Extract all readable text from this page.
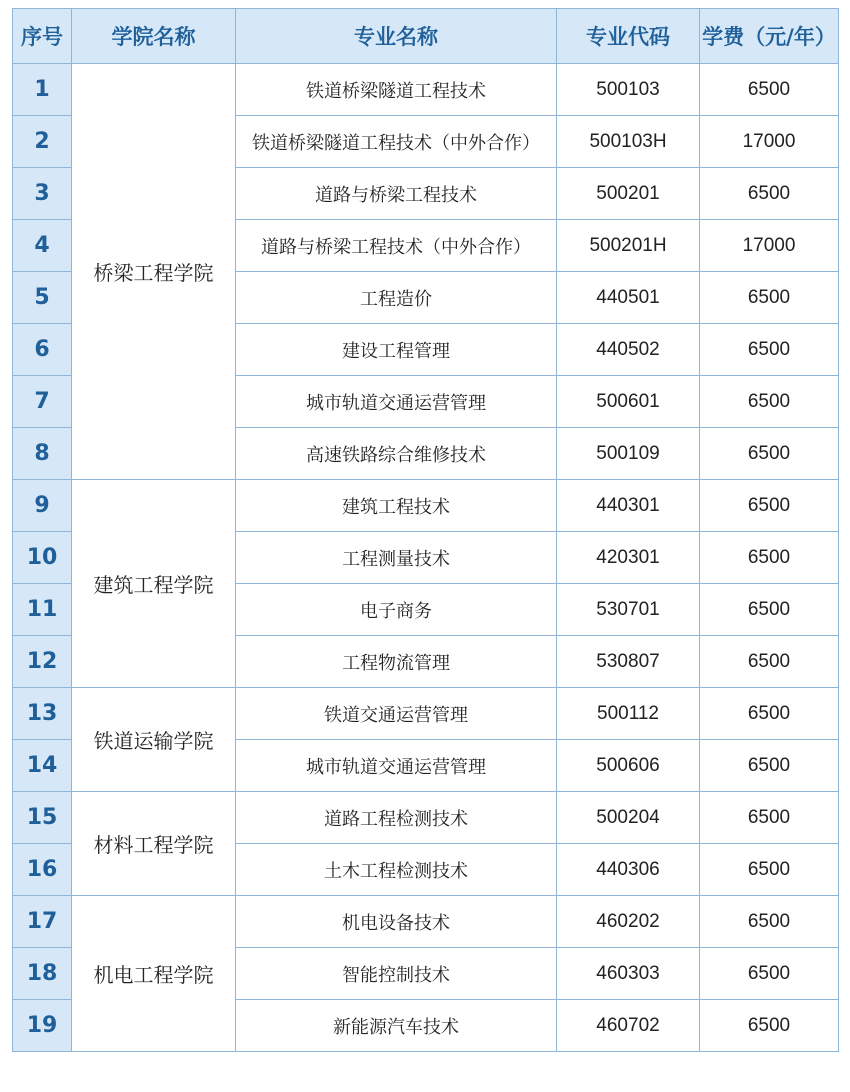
序号	学院名称	专业名称	专业代码	学费（元/年）
1	桥梁工程学院	铁道桥梁隧道工程技术	500103	6500
2		铁道桥梁隧道工程技术（中外合作）	500103H	17000
3		道路与桥梁工程技术	500201	6500
4		道路与桥梁工程技术（中外合作）	500201H	17000
5		工程造价	440501	6500
6		建设工程管理	440502	6500
7		城市轨道交通运营管理	500601	6500
8		高速铁路综合维修技术	500109	6500
9	建筑工程学院	建筑工程技术	440301	6500
10		工程测量技术	420301	6500
11		电子商务	530701	6500
12		工程物流管理	530807	6500
13	铁道运输学院	铁道交通运营管理	500112	6500
14		城市轨道交通运营管理	500606	6500
15	材料工程学院	道路工程检测技术	500204	6500
16		土木工程检测技术	440306	6500
17	机电工程学院	机电设备技术	460202	6500
18		智能控制技术	460303	6500
19		新能源汽车技术	460702	6500
